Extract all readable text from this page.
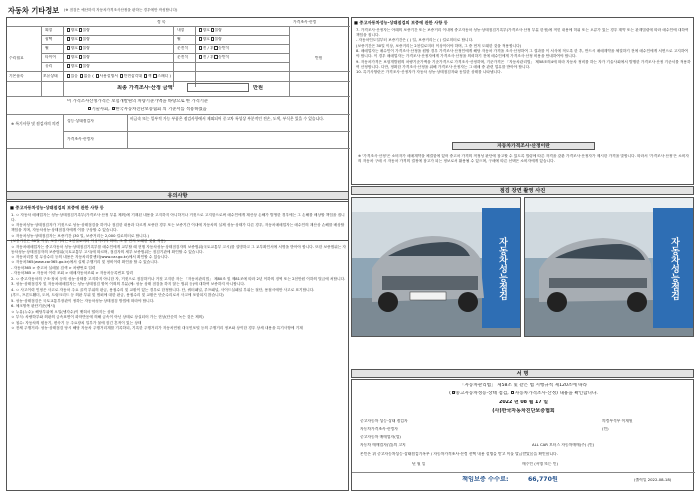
자동차 기타정보 (※ 점검은 예산하지 자동차가격조사산정을 판하는 경우에만 작성합니다)
정 목	가격조사·산정
수리필요	만원
외장	양호 불량	내장	양호 불량
광택	양호 불량	휠	양호 불량
휠	양호 불량	운전석	전 / 후 동반석
타이어	양호 불량	운전석	전 / 후 동반석
유리	양호 불량
기본품목	보유상태	있음 없음 ( 사용설명서 안전삼각대 잭 스패너 )
최종 가격조사·산정 금액	만원
이 가격조사산정가격은 보험개발원의 차량기준가액을 바탕으로 한 가격기준
기술사회, ✓한국자동차진단보증협회 의 기준서를 적용하였음
※ 특기사항 및 점검자의 의견
성능·상태점검자	비금속 또는 일부적 가능 부품은 점검사항에서 제외되어 중고차 특성상 부분적인 전손, 도색, 부식은 있을 수 있습니다.
가격조사·산정자
유의사항
■ 중고자동차성능·상태점검의 보증에 관한 사항 등

1. ㅇ 자동차 매매업자는 성능·상태점검기록부(가격조사·산정 부분 제외)에 기재된 내용을 고지하지 아니하거나 거짓으로 고지함으로써 매수인에게 재산상 손해가 발생한 경우에는 그 손해를 배상할 책임을 집니다.

ㅇ 자동차성능·상태점검자가 거짓으로 성능·상태점검을 하거나 점검한 내용과 다르게 보증한 경우 또는 보증기간 이내에 자동차의 실제 성능·상태가 다른 경우, 자동차매매업자는 매수인의 재산상 손해를 배상할 책임을 지며, 자동차성능·상태점검자에게 이를 구상할 수 있습니다.

ㅇ 자동차성능·상태점검자는 보증기간 (30 일, 보증거리는 2,000 킬로미터로 합니다.)

(보증기간은 30일 이상, 보증거리는 2천킬로미터 이상이어야 하며, 그 중 먼저 도래한 것을 적용)

ㅇ 자동차매매업자는 중고자동차 성능·상태점검기록부를 매수인에게 교부할 때 현행 자동차성능·상태점검자의 보증범위(국토교통부 고시)를 설명하고 그 교부확인서에 서명을 받아야 합니다. 또한 보증범위는 자동차성능·상태점검자의 보증범위(국토교통부 고시)에 따르며, 점검자의 세부 보증범위는 점검기관에 확인할 수 있습니다.

ㅇ 자동차리콜 및 무상수리 등의 내용은 자동차리콜센터(www.car.go.kr)에서 확인할 수 있습니다.

ㅇ 자동차365(www.car365.go.kr)에서 실제 주행거리 및 정비이력 확인을 할 수 있습니다.

- 자동차365 > 중고차 실매물 검색 > 차량번호 입력

- 자동차365 > 자동차 이력 조회 > 매매자동차조회 > 자동차등록번호 입력

2. ㅇ 중고자동차의 구조·장치 등의 성능·상태를 고지하지 아니한 자, 거짓으로 점검하거나 거짓 고지한 자는 「자동차관리법」 제80조 및 제81조에 따라 2년 이하의 징역 또는 2천만원 이하의 벌금에 처합니다.

3. 성능·상태점검자 및 자동차매매업자는 성능·상태점검 항목 이외의 부분(예: 성능 상태 점검을 하지 않는 범위 등)에 대하여 보증하지 아니합니다.

4. ㅇ 사고이력 인정은 사고로 자동차 주요 골격 부위의 판금, 용접수리 및 교환이 있는 경우로 한정합니다. 단, 쿼터패널, 루프패널, 사이드실패널 부위는 절단, 용접시에만 사고로 표기합니다.

(후드, 프론트휀더, 도어, 트렁크리드 등 외판 부위 및 범퍼에 대한 판금, 용접수리 및 교환은 단순수리로서 사고에 포함되지 않습니다)

5. 성능·상태점검은 국토교통부장관이 정하는 자동차성능·상태점검 방법에 따라야 합니다.

6. 체크항목 판단기준(예시)

ㅇ 누유(누수): 해당부위에 오일(냉각수)이 맺혀서 떨어지는 상태

ㅇ 부식: 차량하부와 외판의 금속표면이 화학반응에 의해 금속이 아닌 상태로 상실되어 가는 현상(단순히 녹슨 것은 제외)

ㅇ 침수: 자동차의 원동기, 변속기 등 주요장치 일부가 물에 잠긴 흔적이 있는 상태

ㅇ 전체 주행거리: 성능·상태점검 당시 해당 자동차 주행거리계를 기록하되, 기록한 주행거리가 자동차민원 대국민포털 등의 주행거리 정보와 상이한 경우 상세 내용을 특기사항에 기재

■ 중고자동차성능·상태점검의 보증에 관한 사항 등

7. 가격조사·산정자는 아래의 보증기간 또는 보증거리 이내에 중고자동차 성능·상태점검기록부(가격조사·산정 부분 한정)에 적힌 내용에 허위 또는 오류가 있는 경우 계약 또는 관계법령에 따라 매수인에 대하여 책임을 집니다.

- 자동차인도일부터 보증기간은 ( ) 일, 보증거리는 ( ) 킬로미터로 합니다.

(보증기간은 30일 이상, 보증거리는 2천킬로미터 이상이어야 하며, 그 중 먼저 도래한 것을 적용합니다)

8. 매매업자는 매수인이 가격조사·산정을 원할 경우 가격조사·산정인에게 해당 자동차 가격을 조사·산정하여 그 결과를 이 서식에 적도록 한 후, 반드시 매매계약을 체결하기 전에 매수인에게 서면으로 고지하여야 합니다. 이 경우 매매업자는 가격조사·산정자에게 가격조사·산정을 의뢰하기 전에 매수인에게 가격조사·산정 비용을 안내하여야 합니다.

9. 자동차가격은 보험개발원의 차량기준가액을 기준가격으로 가격조사·산정하며, 기준가격은 「자동차관리법」 제58조의4에 따라 자동차 정비를 하는 자가 기술사회에서 발행한 가격조사·산정 기준서를 적용하여 산정합니다. 다만, 정확한 가격조사·산정을 위해 가격조사·산정자는 그 매매 중 관련 업무를 받아야 합니다.

10. 특기사항란은 가격조사·산정자가 자동차 성능·상태점검자와 동일한 상태를 나타냅니다.

자동차가격조사·산정이란

※ '가격조사·산정'은 소비자가 매매계약을 체결함에 있어 중고차 가격의 적정성 판단에 참고할 수 있도록 법령에 따른 자격을 갖춘 가격조사·산정자가 제시한 가격을 말합니다. 따라서 '가격조사·산정'은 소비자의 자동차 구매 시 자동차 가격의 결정에 참고가 되는 정보로서 활용될 수 있으며, 구매에 따른 선택은 소비자에게 있습니다.

점검 장면 촬영 사진
자동차성능점검	자동차성능점검
서 명
「자동차관리법」 제58조 및 같은 법 시행규칙 제120조에 따라
( ✓중고자동차성능·상태 점검, 자동차가격조사·산정) 내용을 확인합니다.
2022 년 08 월 17 일
(사)한국자동차진단보증협회
중고자동차 성능·상태 점검자	의정부석부 이재원
자동차가격조사·산정자	(인)
중고자동차 매매업자(업)
자동차 매매업자(업)의 고지	ALL CAR 모터스 자동차매매(주) (인)
본인은 위 중고자동차성능·상태점검기록부 / 자동차가격조사·산정 선택 내용 설명을 받고 이를 발급받았음을 확인합니다.
년 월 일	매수인 (서명 또는 인)
책임보증 수수료:	66,770원	(출력일 2022-08-18)
